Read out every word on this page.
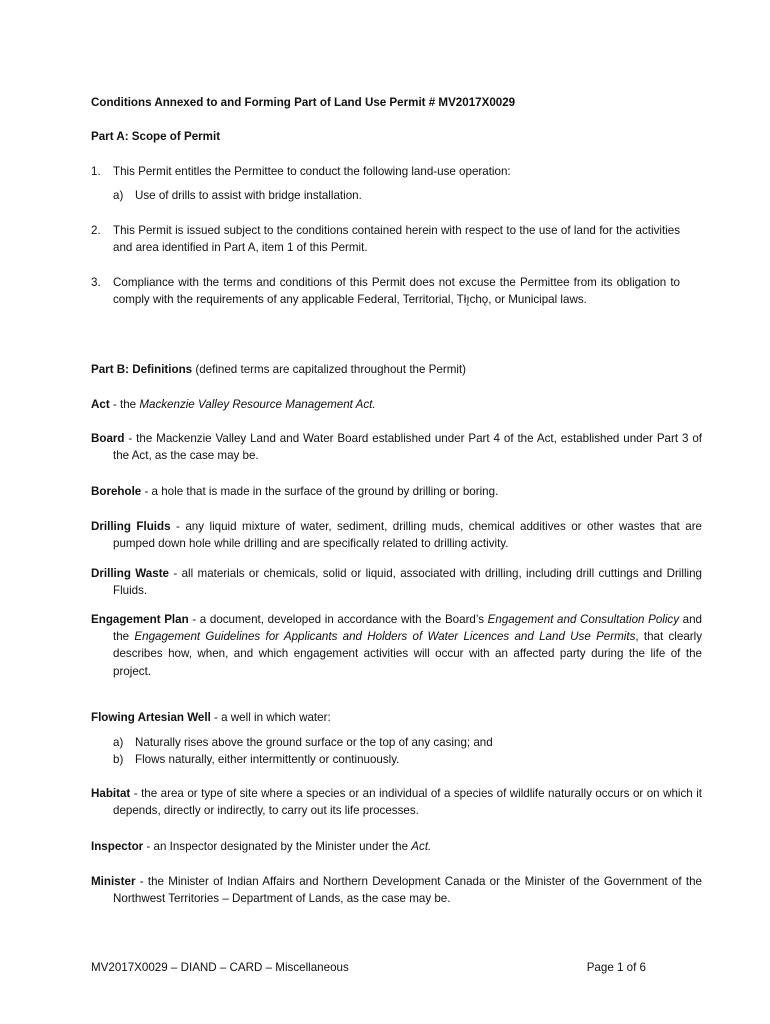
Conditions Annexed to and Forming Part of Land Use Permit # MV2017X0029

Part A: Scope of Permit

1.	This Permit entitles the Permittee to conduct the following land-use operation:

a)	Use of drills to assist with bridge installation.

2.	This Permit is issued subject to the conditions contained herein with respect to the use of land for the activities and area identified in Part A, item 1 of this Permit.

3.	Compliance with the terms and conditions of this Permit does not excuse the Permittee from its obligation to comply with the requirements of any applicable Federal, Territorial, Tłı̨chǫ, or Municipal laws.

Part B: Definitions (defined terms are capitalized throughout the Permit)

Act - the Mackenzie Valley Resource Management Act.

Board - the Mackenzie Valley Land and Water Board established under Part 4 of the Act, established under Part 3 of the Act, as the case may be.

Borehole - a hole that is made in the surface of the ground by drilling or boring.

Drilling Fluids - any liquid mixture of water, sediment, drilling muds, chemical additives or other wastes that are pumped down hole while drilling and are specifically related to drilling activity.

Drilling Waste - all materials or chemicals, solid or liquid, associated with drilling, including drill cuttings and Drilling Fluids.

Engagement Plan - a document, developed in accordance with the Board’s Engagement and Consultation Policy and the Engagement Guidelines for Applicants and Holders of Water Licences and Land Use Permits, that clearly describes how, when, and which engagement activities will occur with an affected party during the life of the project.

Flowing Artesian Well - a well in which water:

a)	Naturally rises above the ground surface or the top of any casing; and

b)	Flows naturally, either intermittently or continuously.

Habitat - the area or type of site where a species or an individual of a species of wildlife naturally occurs or on which it depends, directly or indirectly, to carry out its life processes.

Inspector - an Inspector designated by the Minister under the Act.

Minister - the Minister of Indian Affairs and Northern Development Canada or the Minister of the Government of the Northwest Territories – Department of Lands, as the case may be.

MV2017X0029 – DIAND – CARD – Miscellaneous	Page 1 of 6
